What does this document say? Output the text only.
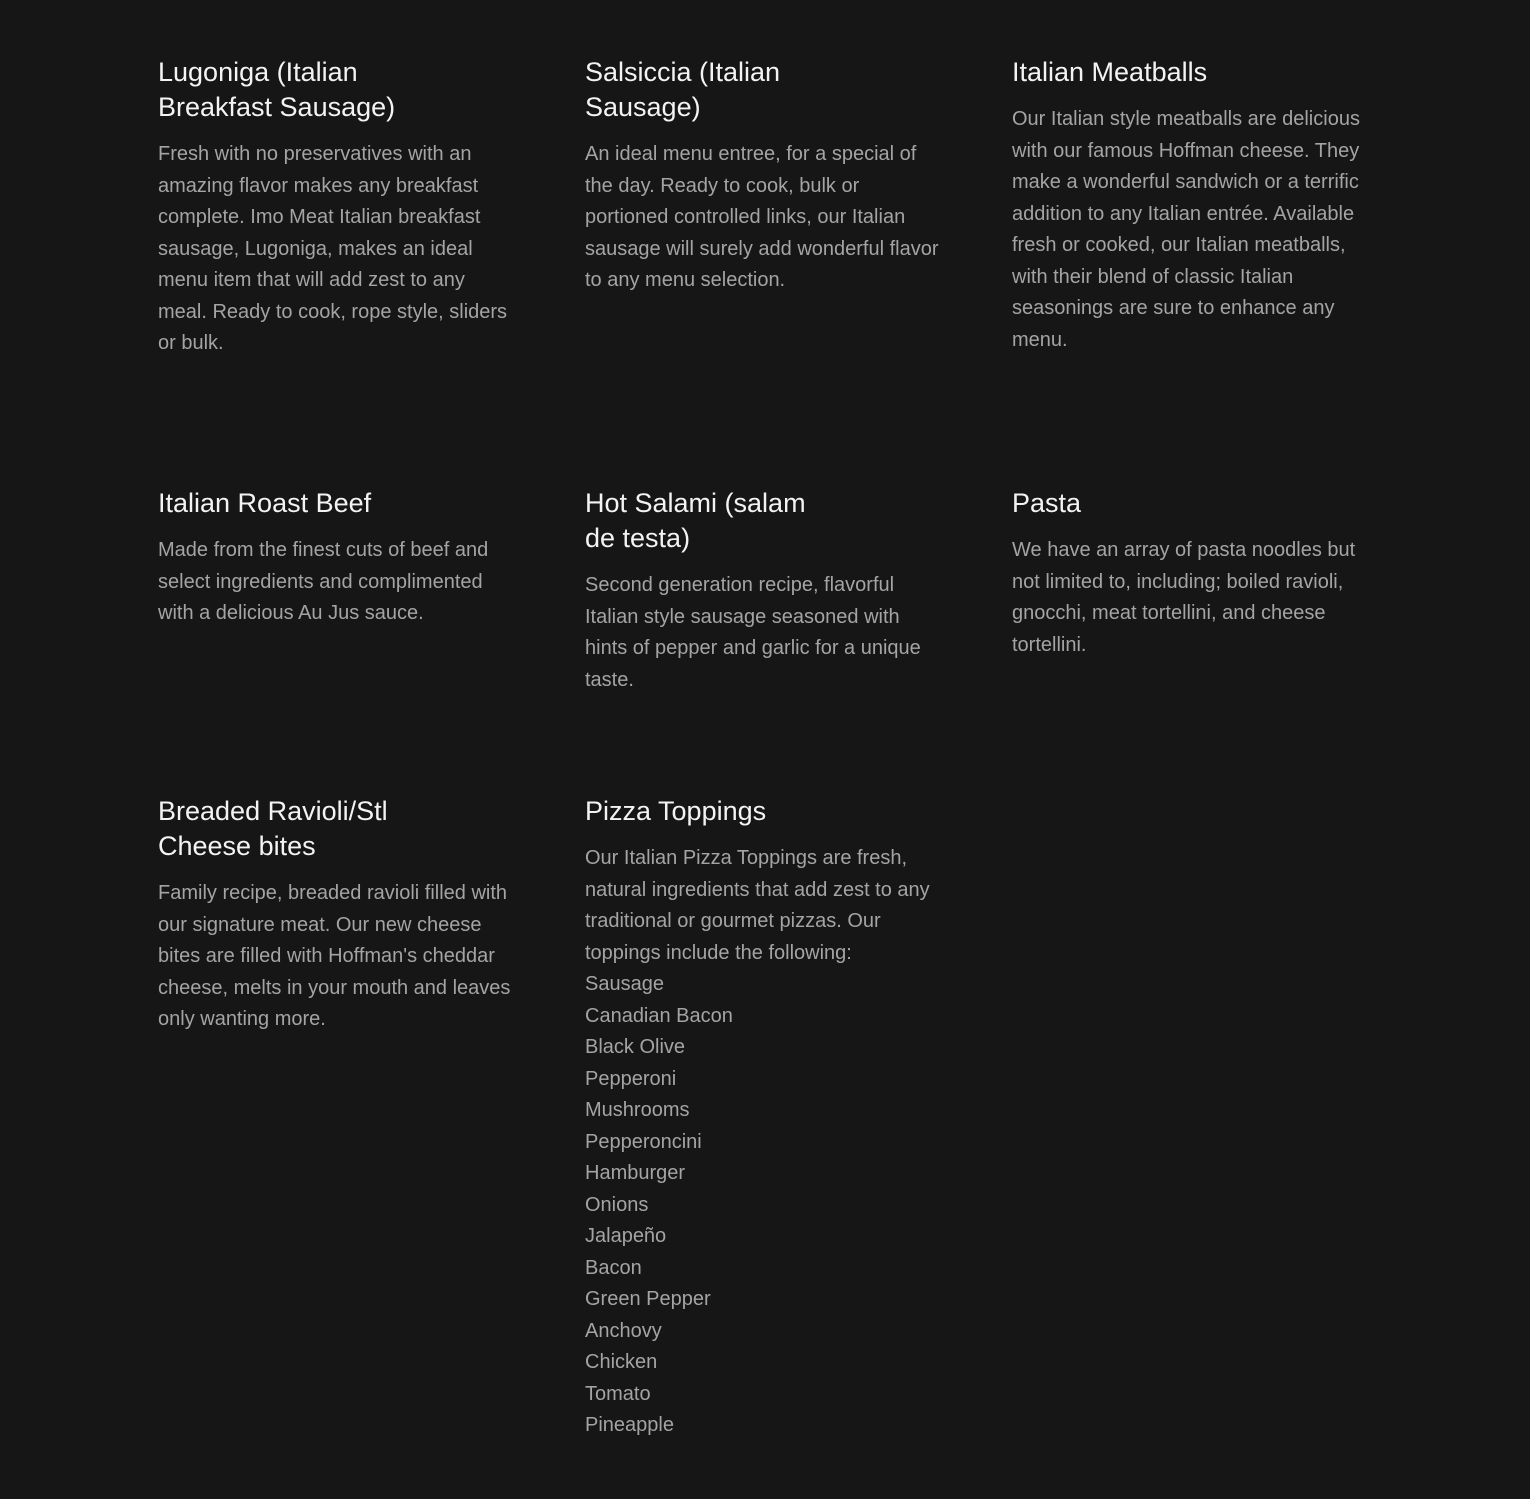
Lugoniga (Italian Breakfast Sausage)

Fresh with no preservatives with an amazing flavor makes any breakfast complete. Imo Meat Italian breakfast sausage, Lugoniga, makes an ideal menu item that will add zest to any meal. Ready to cook, rope style, sliders or bulk.

Salsiccia (Italian Sausage)

An ideal menu entree, for a special of the day. Ready to cook, bulk or portioned controlled links, our Italian sausage will surely add wonderful flavor to any menu selection.

Italian Meatballs

Our Italian style meatballs are delicious with our famous Hoffman cheese. They make a wonderful sandwich or a terrific addition to any Italian entrée. Available fresh or cooked, our Italian meatballs, with their blend of classic Italian seasonings are sure to enhance any menu.

Italian Roast Beef

Made from the finest cuts of beef and select ingredients and complimented with a delicious Au Jus sauce.

Hot Salami (salam de testa)

Second generation recipe, flavorful Italian style sausage seasoned with hints of pepper and garlic for a unique taste.

Pasta

We have an array of pasta noodles but not limited to, including; boiled ravioli, gnocchi, meat tortellini, and cheese tortellini.

Breaded Ravioli/Stl Cheese bites

Family recipe, breaded ravioli filled with our signature meat. Our new cheese bites are filled with Hoffman's cheddar cheese, melts in your mouth and leaves only wanting more.

Pizza Toppings

Our Italian Pizza Toppings are fresh, natural ingredients that add zest to any traditional or gourmet pizzas. Our toppings include the following:

Sausage
Canadian Bacon
Black Olive
Pepperoni
Mushrooms
Pepperoncini
Hamburger
Onions
Jalapeño
Bacon
Green Pepper
Anchovy
Chicken
Tomato
Pineapple
